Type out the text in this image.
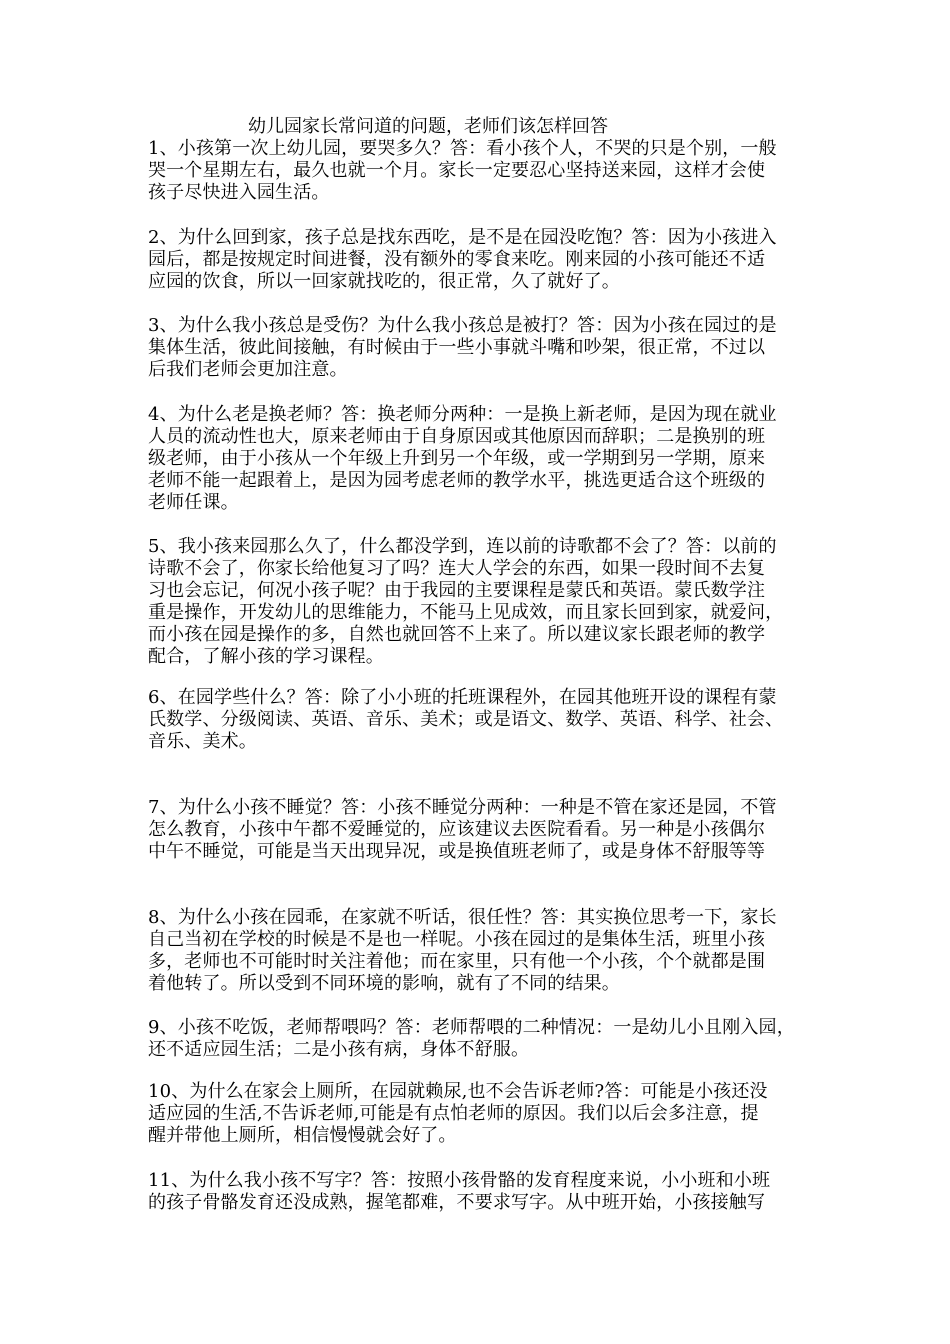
幼儿园家长常问道的问题，老师们该怎样回答
1、小孩第一次上幼儿园，要哭多久？答：看小孩个人，不哭的只是个别，一般
哭一个星期左右，最久也就一个月。家长一定要忍心坚持送来园，这样才会使
孩子尽快进入园生活。
2、为什么回到家，孩子总是找东西吃，是不是在园没吃饱？答：因为小孩进入
园后，都是按规定时间进餐，没有额外的零食来吃。刚来园的小孩可能还不适
应园的饮食，所以一回家就找吃的，很正常，久了就好了。
3、为什么我小孩总是受伤？为什么我小孩总是被打？答：因为小孩在园过的是
集体生活，彼此间接触，有时候由于一些小事就斗嘴和吵架，很正常，不过以
后我们老师会更加注意。
4、为什么老是换老师？答：换老师分两种：一是换上新老师，是因为现在就业
人员的流动性也大，原来老师由于自身原因或其他原因而辞职；二是换别的班
级老师，由于小孩从一个年级上升到另一个年级，或一学期到另一学期，原来
老师不能一起跟着上，是因为园考虑老师的教学水平，挑选更适合这个班级的
老师任课。
5、我小孩来园那么久了，什么都没学到，连以前的诗歌都不会了？答：以前的
诗歌不会了，你家长给他复习了吗？连大人学会的东西，如果一段时间不去复
习也会忘记，何况小孩子呢？由于我园的主要课程是蒙氏和英语。蒙氏数学注
重是操作，开发幼儿的思维能力，不能马上见成效，而且家长回到家，就爱问，
而小孩在园是操作的多，自然也就回答不上来了。所以建议家长跟老师的教学
配合，了解小孩的学习课程。
6、在园学些什么？答：除了小小班的托班课程外，在园其他班开设的课程有蒙
氏数学、分级阅读、英语、音乐、美术；或是语文、数学、英语、科学、社会、
音乐、美术。
7、为什么小孩不睡觉？答：小孩不睡觉分两种：一种是不管在家还是园，不管
怎么教育，小孩中午都不爱睡觉的，应该建议去医院看看。另一种是小孩偶尔
中午不睡觉，可能是当天出现异况，或是换值班老师了，或是身体不舒服等等
8、为什么小孩在园乖，在家就不听话，很任性？答：其实换位思考一下，家长
自己当初在学校的时候是不是也一样呢。小孩在园过的是集体生活，班里小孩
多，老师也不可能时时关注着他；而在家里，只有他一个小孩，个个就都是围
着他转了。所以受到不同环境的影响，就有了不同的结果。
9、小孩不吃饭，老师帮喂吗？答：老师帮喂的二种情况：一是幼儿小且刚入园，
还不适应园生活；二是小孩有病，身体不舒服。
10、为什么在家会上厕所，在园就赖尿,也不会告诉老师?答：可能是小孩还没
适应园的生活,不告诉老师,可能是有点怕老师的原因。我们以后会多注意，提
醒并带他上厕所，相信慢慢就会好了。
11、为什么我小孩不写字？答：按照小孩骨骼的发育程度来说，小小班和小班
的孩子骨骼发育还没成熟，握笔都难，不要求写字。从中班开始，小孩接触写
